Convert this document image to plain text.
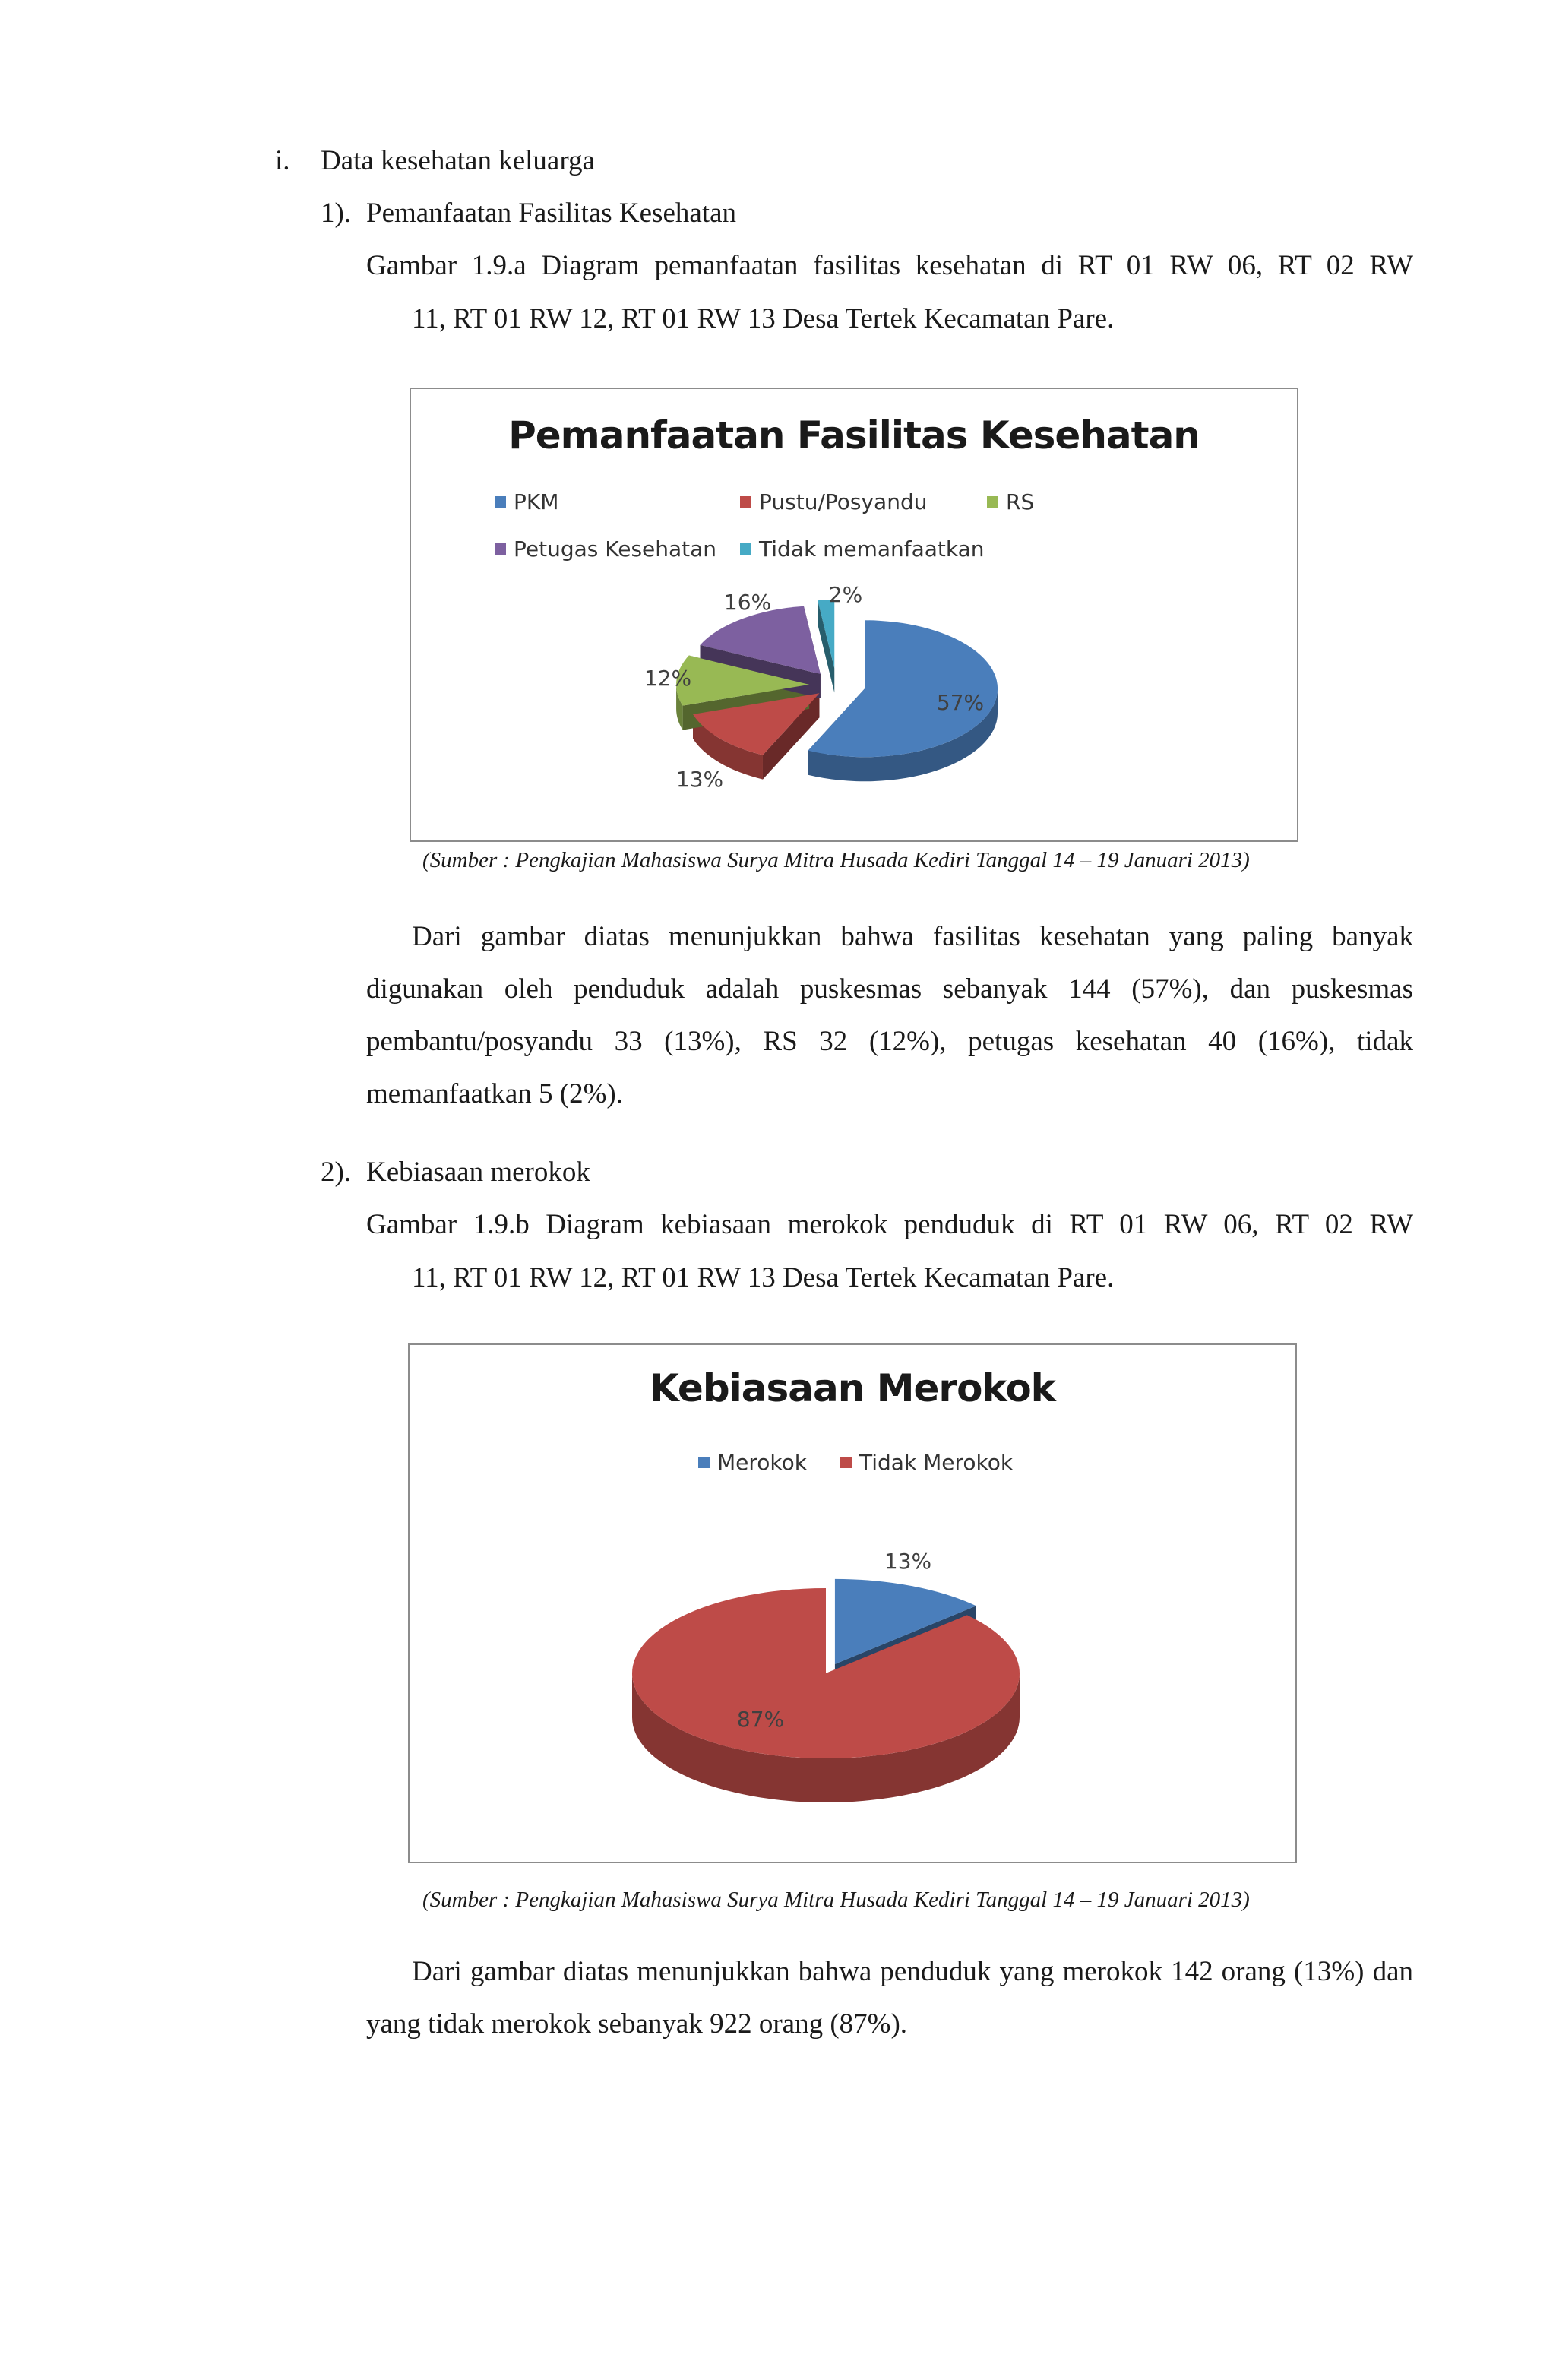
i. Data kesehatan keluarga
1). Pemanfaatan Fasilitas Kesehatan
Gambar 1.9.a Diagram pemanfaatan fasilitas kesehatan di RT 01 RW 06, RT 02 RW
11, RT 01 RW 12, RT 01 RW 13 Desa Tertek Kecamatan Pare.
Pemanfaatan Fasilitas Kesehatan
PKM	Pustu/Posyandu	RS
Petugas Kesehatan Tidak memanfaatkan
57%
13%
12%
16%	2%
(Sumber : Pengkajian Mahasiswa Surya Mitra Husada Kediri Tanggal 14 – 19 Januari 2013)
Dari gambar diatas menunjukkan bahwa fasilitas kesehatan yang paling banyak digunakan oleh penduduk adalah puskesmas sebanyak 144 (57%), dan puskesmas pembantu/posyandu 33 (13%), RS 32 (12%), petugas kesehatan 40 (16%), tidak memanfaatkan 5 (2%).
2). Kebiasaan merokok
Gambar 1.9.b Diagram kebiasaan merokok penduduk di RT 01 RW 06, RT 02 RW
11, RT 01 RW 12, RT 01 RW 13 Desa Tertek Kecamatan Pare.
Kebiasaan Merokok
Merokok Tidak Merokok
13%
87%
(Sumber : Pengkajian Mahasiswa Surya Mitra Husada Kediri Tanggal 14 – 19 Januari 2013)
Dari gambar diatas menunjukkan bahwa penduduk yang merokok 142 orang (13%) dan yang tidak merokok sebanyak 922 orang (87%).
